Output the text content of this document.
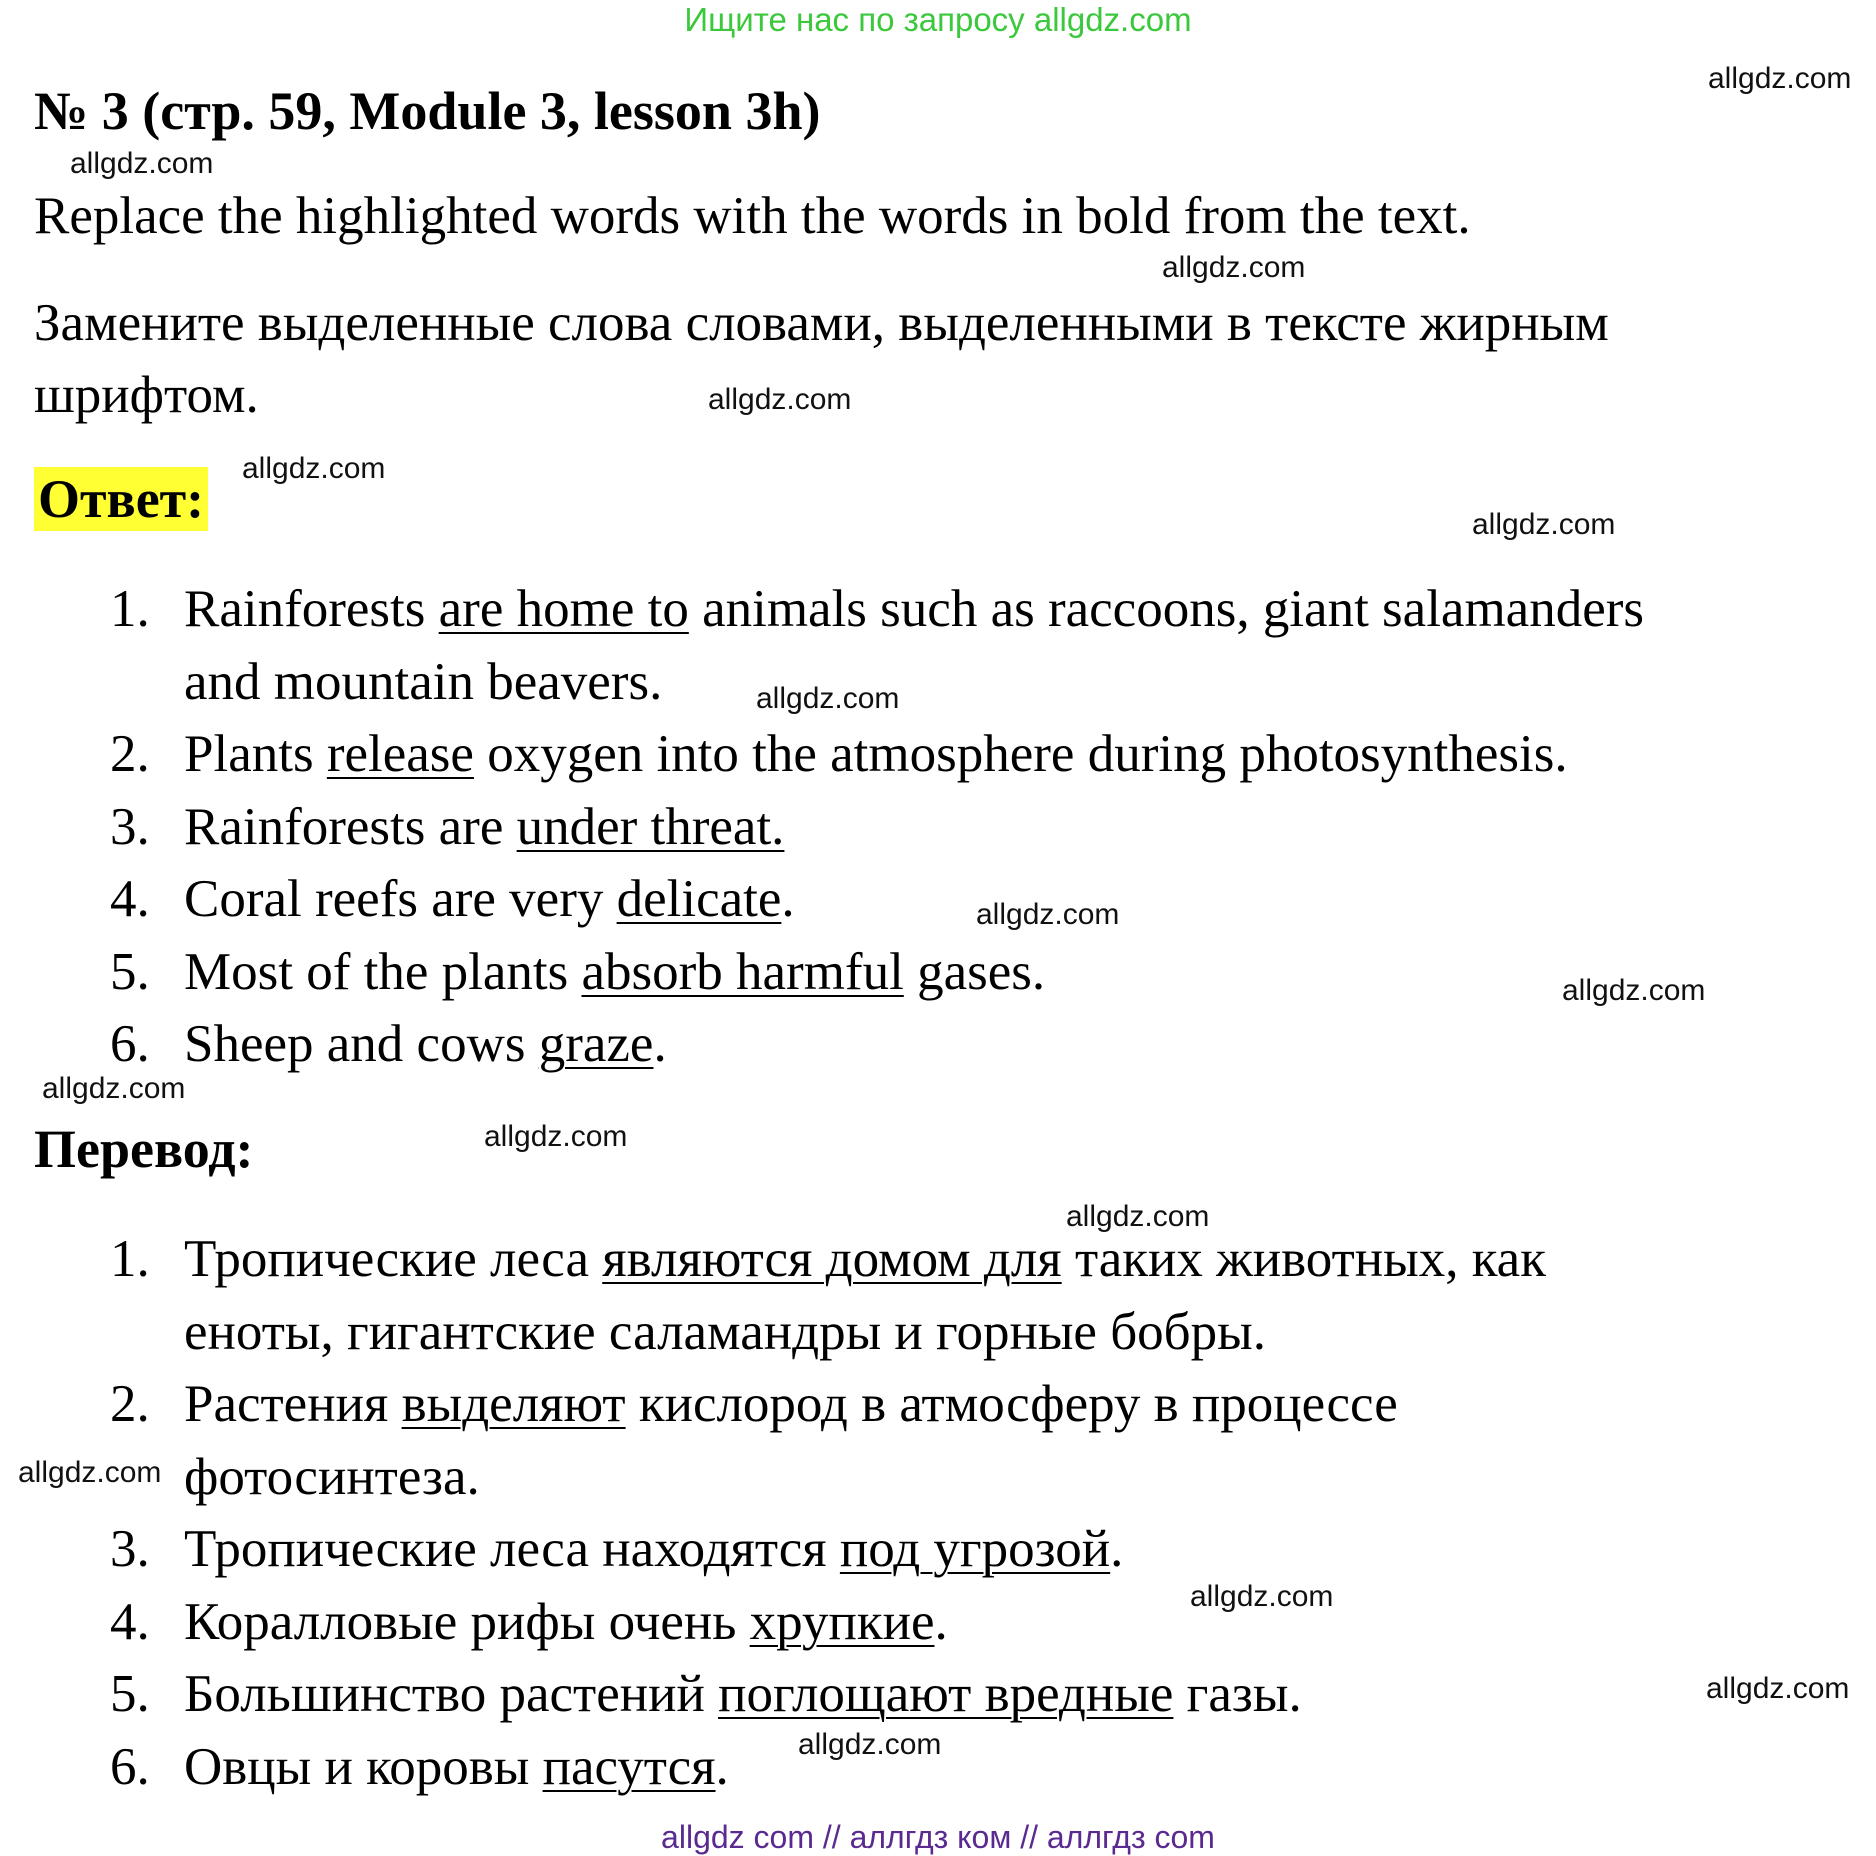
Ищите нас по запросу allgdz.com
№ 3 (стр. 59, Module 3, lesson 3h)
Replace the highlighted words with the words in bold from the text.
Замените выделенные слова словами, выделенными в тексте жирным
шрифтом.
Ответ:
1. Rainforests are home to animals such as raccoons, giant salamanders
and mountain beavers.
2. Plants release oxygen into the atmosphere during photosynthesis.
3. Rainforests are under threat.
4. Coral reefs are very delicate.
5. Most of the plants absorb harmful gases.
6. Sheep and cows graze.
Перевод:
1. Тропические леса являются домом для таких животных, как
еноты, гигантские саламандры и горные бобры.
2. Растения выделяют кислород в атмосферу в процессе
фотосинтеза.
3. Тропические леса находятся под угрозой.
4. Коралловые рифы очень хрупкие.
5. Большинство растений поглощают вредные газы.
6. Овцы и коровы пасутся.
allgdz.com
allgdz.com
allgdz.com
allgdz.com
allgdz.com
allgdz.com
allgdz.com
allgdz.com
allgdz.com
allgdz.com
allgdz.com
allgdz.com
allgdz.com
allgdz.com
allgdz.com
allgdz.com
allgdz com // аллгдз ком // аллгдз com
